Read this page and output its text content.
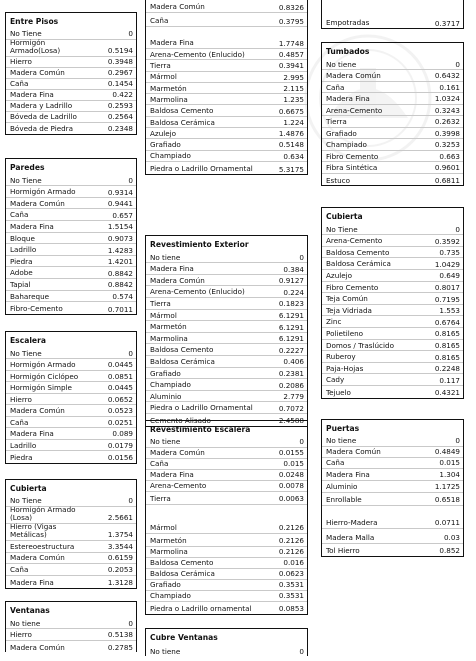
Entre Pisos
No Tiene	0
Hormigón
Armado(Losa)	0.5194
Hierro	0.3948
Madera Común	0.2967
Caña	0.1454
Madera Fina	0.422
Madera y Ladrillo	0.2593
Bóveda de Ladrillo	0.2564
Bóveda de Piedra	0.2348
Paredes
No Tiene	0
Hormigón Armado	0.9314
Madera Común	0.9441
Caña	0.657
Madera Fina	1.5154
Bloque	0.9073
Ladrillo	1.4283
Piedra	1.4201
Adobe	0.8842
Tapial	0.8842
Bahareque	0.574
Fibro-Cemento	0.7011
Escalera
No Tiene	0
Hormigón Armado	0.0445
Hormigón Ciclópeo	0.0851
Hormigón Simple	0.0445
Hierro	0.0652
Madera Común	0.0523
Caña	0.0251
Madera Fina	0.089
Ladrillo	0.0179
Piedra	0.0156
Cubierta
No Tiene	0
Hormigón Armado
(Losa)	2.5661
Hierro (Vigas
Metálicas)	1.3754
Estereoestructura	3.3544
Madera Común	0.6159
Caña	0.2053
Madera Fina	1.3128
Ventanas
No tiene	0
Hierro	0.5138
Madera Común	0.2785
Madera Común	0.8326
Caña	0.3795
Madera Fina	1.7748
Arena-Cemento (Enlucido)	0.4857
Tierra	0.3941
Mármol	2.995
Marmetón	2.115
Marmolina	1.235
Baldosa Cemento	0.6675
Baldosa Cerámica	1.224
Azulejo	1.4876
Grafiado	0.5148
Champiado	0.634
Piedra o Ladrillo Ornamental	5.3175
Revestimiento Exterior
No tiene	0
Madera Fina	0.384
Madera Común	0.9127
Arena-Cemento (Enlucido)	0.224
Tierra	0.1823
Mármol	6.1291
Marmetón	6.1291
Marmolina	6.1291
Baldosa Cemento	0.2227
Baldosa Cerámica	0.406
Grafiado	0.2381
Champiado	0.2086
Aluminio	2.779
Piedra o Ladrillo Ornamental	0.7072
Cemento Alisado	2.4588
Revestimiento Escalera
No tiene	0
Madera Común	0.0155
Caña	0.015
Madera Fina	0.0248
Arena-Cemento	0.0078
Tierra	0.0063
Mármol	0.2126
Marmetón	0.2126
Marmolina	0.2126
Baldosa Cemento	0.016
Baldosa Cerámica	0.0623
Grafiado	0.3531
Champiado	0.3531
Piedra o Ladrillo ornamental	0.0853
Cubre Ventanas
No tiene	0
Empotradas	0.3717
Tumbados
No tiene	0
Madera Común	0.6432
Caña	0.161
Madera Fina	1.0324
Arena-Cemento	0.3243
Tierra	0.2632
Grafiado	0.3998
Champiado	0.3253
Fibro Cemento	0.663
Fibra Sintética	0.9601
Estuco	0.6811
Cubierta
No Tiene	0
Arena-Cemento	0.3592
Baldosa Cemento	0.735
Baldosa Cerámica	1.0429
Azulejo	0.649
Fibro Cemento	0.8017
Teja Común	0.7195
Teja Vidriada	1.553
Zinc	0.6764
Polietileno	0.8165
Domos / Traslúcido	0.8165
Ruberoy	0.8165
Paja-Hojas	0.2248
Cady	0.117
Tejuelo	0.4321
Puertas
No tiene	0
Madera Común	0.4849
Caña	0.015
Madera Fina	1.304
Aluminio	1.1725
Enrollable	0.6518
Hierro-Madera	0.0711
Madera Malla	0.03
Tol Hierro	0.852
